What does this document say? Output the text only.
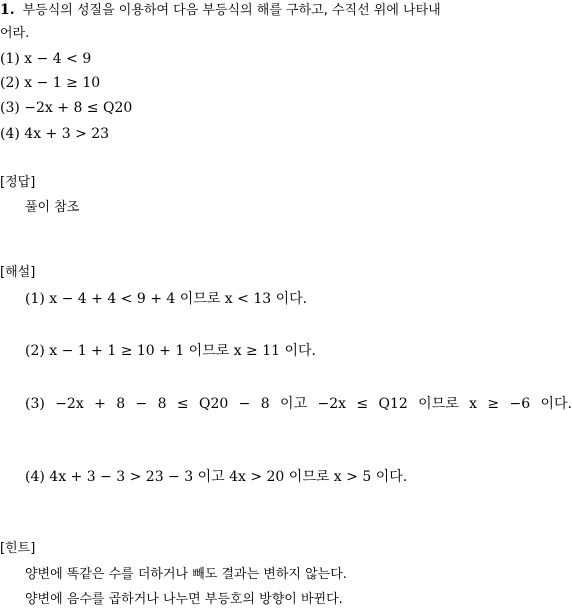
1. 부등식의 성질을 이용하여 다음 부등식의 해를 구하고, 수직선 위에 나타내
어라.
(1) x − 4 < 9
(2) x − 1 ≥ 10
(3) −2x + 8 ≤ Q20
(4) 4x + 3 > 23
[정답]
풀이 참조
[해설]
(1) x − 4 + 4 < 9 + 4 이므로 x < 13 이다.
(2) x − 1 + 1 ≥ 10 + 1 이므로 x ≥ 11 이다.
(3) −2x + 8 − 8 ≤ Q20 − 8 이고 −2x ≤ Q12 이므로 x ≥ −6 이다.
(4) 4x + 3 − 3 > 23 − 3 이고 4x > 20 이므로 x > 5 이다.
[힌트]
양변에 똑같은 수를 더하거나 빼도 결과는 변하지 않는다.
양변에 음수를 곱하거나 나누면 부등호의 방향이 바뀐다.
